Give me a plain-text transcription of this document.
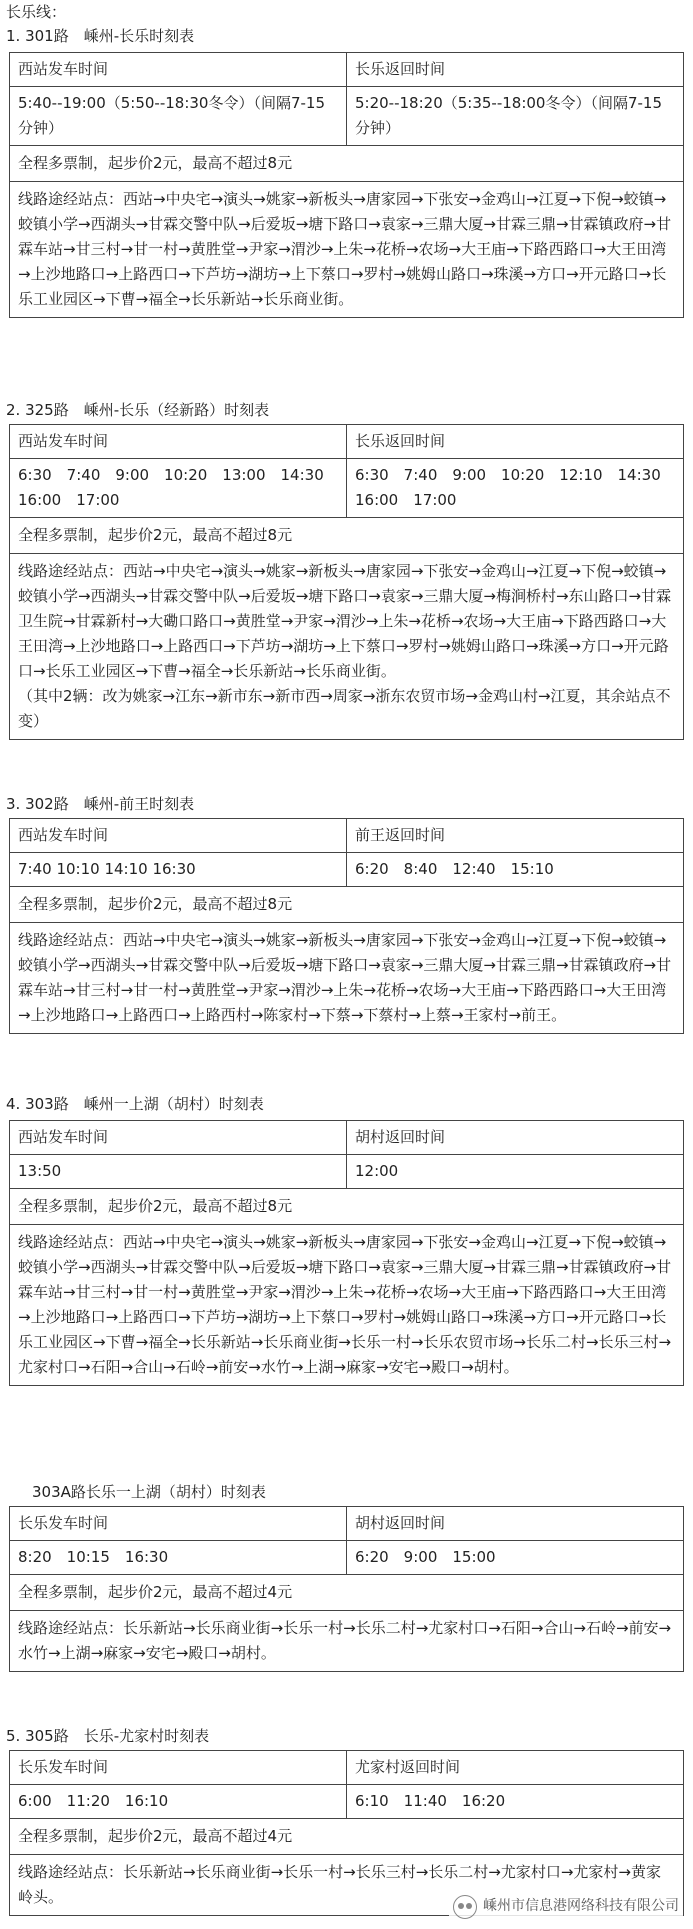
长乐线：
1. 301路　嵊州-长乐时刻表
西站发车时间	长乐返回时间
5:40--19:00（5:50--18:30冬令）（间隔7-15分钟）	5:20--18:20（5:35--18:00冬令）（间隔7-15分钟）
全程多票制，起步价2元，最高不超过8元	
线路途经站点：西站→中央宅→演头→姚家→新板头→唐家园→下张安→金鸡山→江夏→下倪→蛟镇→蛟镇小学→西湖头→甘霖交警中队→后爱坂→塘下路口→袁家→三鼎大厦→甘霖三鼎→甘霖镇政府→甘霖车站→甘三村→甘一村→黄胜堂→尹家→渭沙→上朱→花桥→农场→大王庙→下路西路口→大王田湾→上沙地路口→上路西口→下芦坊→湖坊→上下蔡口→罗村→姚姆山路口→珠溪→方口→开元路口→长乐工业园区→下曹→福全→长乐新站→长乐商业街。	
2. 325路　嵊州-长乐（经新路）时刻表
西站发车时间	长乐返回时间
6:30　7:40　9:00　10:20　13:00　14:30　16:00　17:00	6:30　7:40　9:00　10:20　12:10　14:30　16:00　17:00
全程多票制，起步价2元，最高不超过8元	

线路途经站点：西站→中央宅→演头→姚家→新板头→唐家园→下张安→金鸡山→江夏→下倪→蛟镇→蛟镇小学→西湖头→甘霖交警中队→后爱坂→塘下路口→袁家→三鼎大厦→梅涧桥村→东山路口→甘霖卫生院→甘霖新村→大磡口路口→黄胜堂→尹家→渭沙→上朱→花桥→农场→大王庙→下路西路口→大王田湾→上沙地路口→上路西口→下芦坊→湖坊→上下蔡口→罗村→姚姆山路口→珠溪→方口→开元路口→长乐工业园区→下曹→福全→长乐新站→长乐商业街。
（其中2辆：改为姚家→江东→新市东→新市西→周家→浙东农贸市场→金鸡山村→江夏，其余站点不变）	
3. 302路　嵊州-前王时刻表
西站发车时间	前王返回时间
7:40 10:10 14:10 16:30	6:20　8:40　12:40　15:10
全程多票制，起步价2元，最高不超过8元	
线路途经站点：西站→中央宅→演头→姚家→新板头→唐家园→下张安→金鸡山→江夏→下倪→蛟镇→蛟镇小学→西湖头→甘霖交警中队→后爱坂→塘下路口→袁家→三鼎大厦→甘霖三鼎→甘霖镇政府→甘霖车站→甘三村→甘一村→黄胜堂→尹家→渭沙→上朱→花桥→农场→大王庙→下路西路口→大王田湾→上沙地路口→上路西口→上路西村→陈家村→下蔡→下蔡村→上蔡→王家村→前王。	
4. 303路　嵊州一上湖（胡村）时刻表
西站发车时间	胡村返回时间
13:50	12:00
全程多票制，起步价2元，最高不超过8元	
线路途经站点：西站→中央宅→演头→姚家→新板头→唐家园→下张安→金鸡山→江夏→下倪→蛟镇→蛟镇小学→西湖头→甘霖交警中队→后爱坂→塘下路口→袁家→三鼎大厦→甘霖三鼎→甘霖镇政府→甘霖车站→甘三村→甘一村→黄胜堂→尹家→渭沙→上朱→花桥→农场→大王庙→下路西路口→大王田湾→上沙地路口→上路西口→下芦坊→湖坊→上下蔡口→罗村→姚姆山路口→珠溪→方口→开元路口→长乐工业园区→下曹→福全→长乐新站→长乐商业街→长乐一村→长乐农贸市场→长乐二村→长乐三村→尤家村口→石阳→合山→石岭→前安→水竹→上湖→麻家→安宅→殿口→胡村。	
303A路长乐一上湖（胡村）时刻表
长乐发车时间	胡村返回时间
8:20　10:15　16:30	6:20　9:00　15:00
全程多票制，起步价2元，最高不超过4元	
线路途经站点：长乐新站→长乐商业街→长乐一村→长乐二村→尤家村口→石阳→合山→石岭→前安→水竹→上湖→麻家→安宅→殿口→胡村。	
5. 305路　长乐-尤家村时刻表
长乐发车时间	尤家村返回时间
6:00　11:20　16:10	6:10　11:40　16:20
全程多票制，起步价2元，最高不超过4元	
线路途经站点：长乐新站→长乐商业街→长乐一村→长乐三村→长乐二村→尤家村口→尤家村→黄家岭头。		嵊州市信息港网络科技有限公司
